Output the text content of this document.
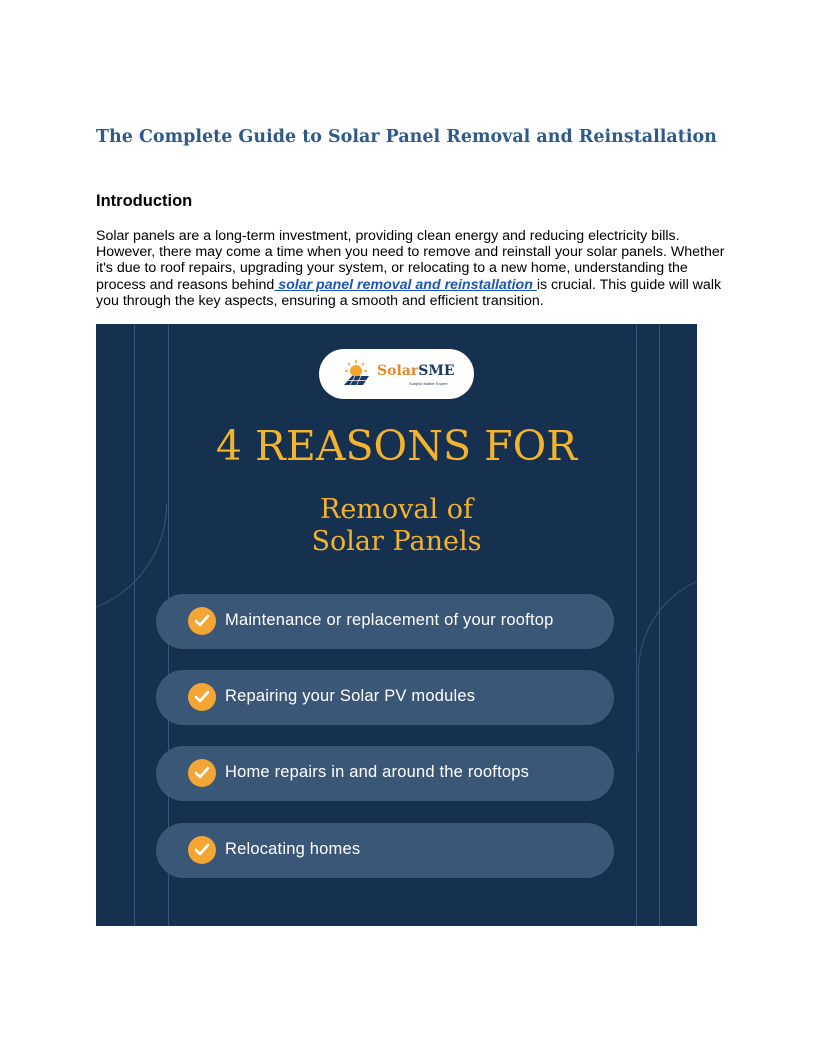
The Complete Guide to Solar Panel Removal and Reinstallation
Introduction

Solar panels are a long-term investment, providing clean energy and reducing electricity bills. However, there may come a time when you need to remove and reinstall your solar panels. Whether it's due to roof repairs, upgrading your system, or relocating to a new home, understanding the process and reasons behind solar panel removal and reinstallation is crucial. This guide will walk you through the key aspects, ensuring a smooth and efficient transition.

SolarSME
Subject Matter Expert
4 REASONS FOR
Removal of
Solar Panels
Maintenance or replacement of your rooftop
Repairing your Solar PV modules
Home repairs in and around the rooftops
Relocating homes
